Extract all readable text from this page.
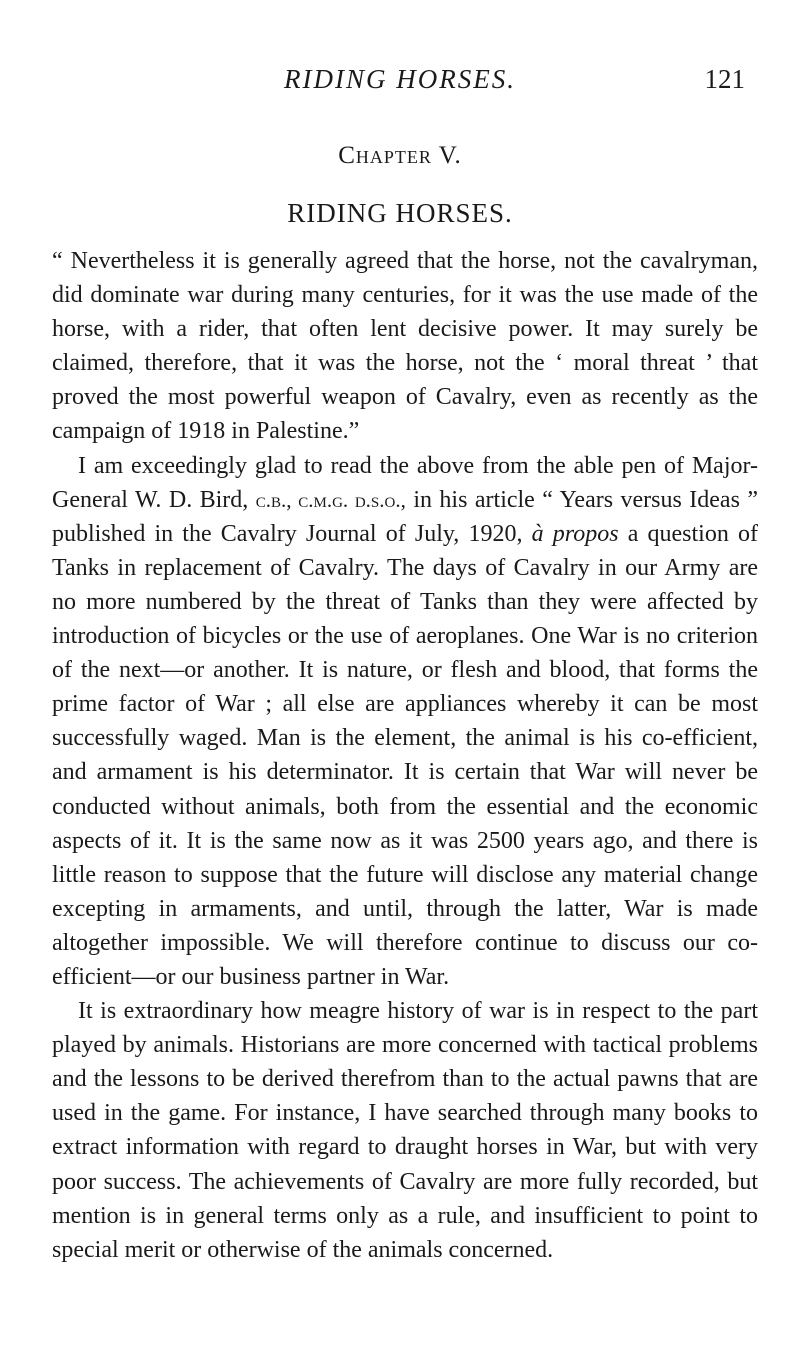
RIDING HORSES.	121
Chapter V.
RIDING HORSES.

“ Nevertheless it is generally agreed that the horse, not the cavalryman, did dominate war during many centuries, for it was the use made of the horse, with a rider, that often lent decisive power. It may surely be claimed, therefore, that it was the horse, not the ‘ moral threat ’ that proved the most powerful weapon of Cavalry, even as recently as the campaign of 1918 in Palestine.”

I am exceedingly glad to read the above from the able pen of Major-General W. D. Bird, c.b., c.m.g. d.s.o., in his article “ Years versus Ideas ” published in the Cavalry Journal of July, 1920, à propos a question of Tanks in replacement of Cavalry. The days of Cavalry in our Army are no more numbered by the threat of Tanks than they were affected by introduction of bicycles or the use of aeroplanes. One War is no criterion of the next—or another. It is nature, or flesh and blood, that forms the prime factor of War ; all else are appliances whereby it can be most successfully waged. Man is the element, the animal is his co-efficient, and armament is his determinator. It is certain that War will never be conducted without animals, both from the essential and the economic aspects of it. It is the same now as it was 2500 years ago, and there is little reason to suppose that the future will disclose any material change excepting in armaments, and until, through the latter, War is made altogether impossible. We will therefore continue to discuss our co-efficient—or our business partner in War.

It is extraordinary how meagre history of war is in respect to the part played by animals. Historians are more concerned with tactical problems and the lessons to be derived therefrom than to the actual pawns that are used in the game. For instance, I have searched through many books to extract information with regard to draught horses in War, but with very poor success. The achievements of Cavalry are more fully recorded, but mention is in general terms only as a rule, and insufficient to point to special merit or otherwise of the animals concerned.
